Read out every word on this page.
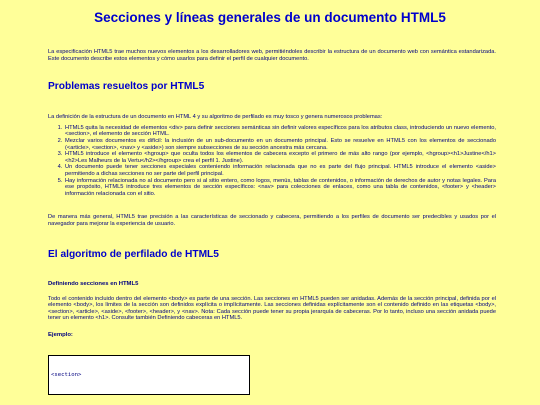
Secciones y líneas generales de un documento HTML5

La especificación HTML5 trae muchos nuevos elementos a los desarrolladores web, permitiéndoles describir la estructura de un documento web con semántica estandarizada. Este documento describe estos elementos y cómo usarlos para definir el perfil de cualquier documento.

Problemas resueltos por HTML5

La definición de la estructura de un documento en HTML 4 y su algoritmo de perfilado es muy tosco y genera numerosos problemas:

1. HTML5 quita la necesidad de elementos <div> para definir secciones semánticas sin definir valores específicos para los atributos class, introduciendo un nuevo elemento, <section>, el elemento de sección HTML.
2. Mezclar varios documentos es difícil: la inclusión de un sub-documento en un documento principal. Esto se resuelve en HTML5 con los elementos de seccionado (<article>, <section>, <nav> y <aside>) son siempre subsecciones de su sección ancestra más cercana.
3. HTML5 introduce el elemento <hgroup> que oculta todos los elementos de cabecera excepto el primero de más alto rango (por ejemplo, <hgroup><h1>Justine</h1><h2>Les Malheurs de la Vertu</h2></hgroup> crea el perfil 1. Justine).
4. Un documento puede tener secciones especiales conteniendo información relacionada que no es parte del flujo principal. HTML5 introduce el elemento <aside> permitiendo a dichas secciones no ser parte del perfil principal.
5. Hay información relacionada no al documento pero si al sitio entero, como logos, menús, tablas de contenidos, o información de derechos de autor y notas legales. Para ese propósito, HTML5 introduce tres elementos de sección específicos: <nav> para colecciones de enlaces, como una tabla de contenidos, <footer> y <header> información relacionada con el sitio.

De manera más general, HTML5 trae precisión a las características de seccionado y cabecera, permitiendo a los perfiles de documento ser predecibles y usados por el navegador para mejorar la experiencia de usuario.

El algoritmo de perfilado de HTML5
Definiendo secciones en HTML5

Todo el contenido incluido dentro del elemento <body> es parte de una sección. Las secciones en HTML5 pueden ser anidadas. Además de la sección principal, definida por el elemento <body>, los límites de la sección son definidos explícita o implícitamente. Las secciones definidas explícitamente son el contenido definido en las etiquetas <body>, <section>, <article>, <aside>, <footer>, <header>, y <nav>. Nota: Cada sección puede tener su propia jerarquía de cabeceras. Por lo tanto, incluso una sección anidada puede tener un elemento <h1>. Consulte también Definiendo cabeceras en HTML5.

Ejemplo:
<section>
